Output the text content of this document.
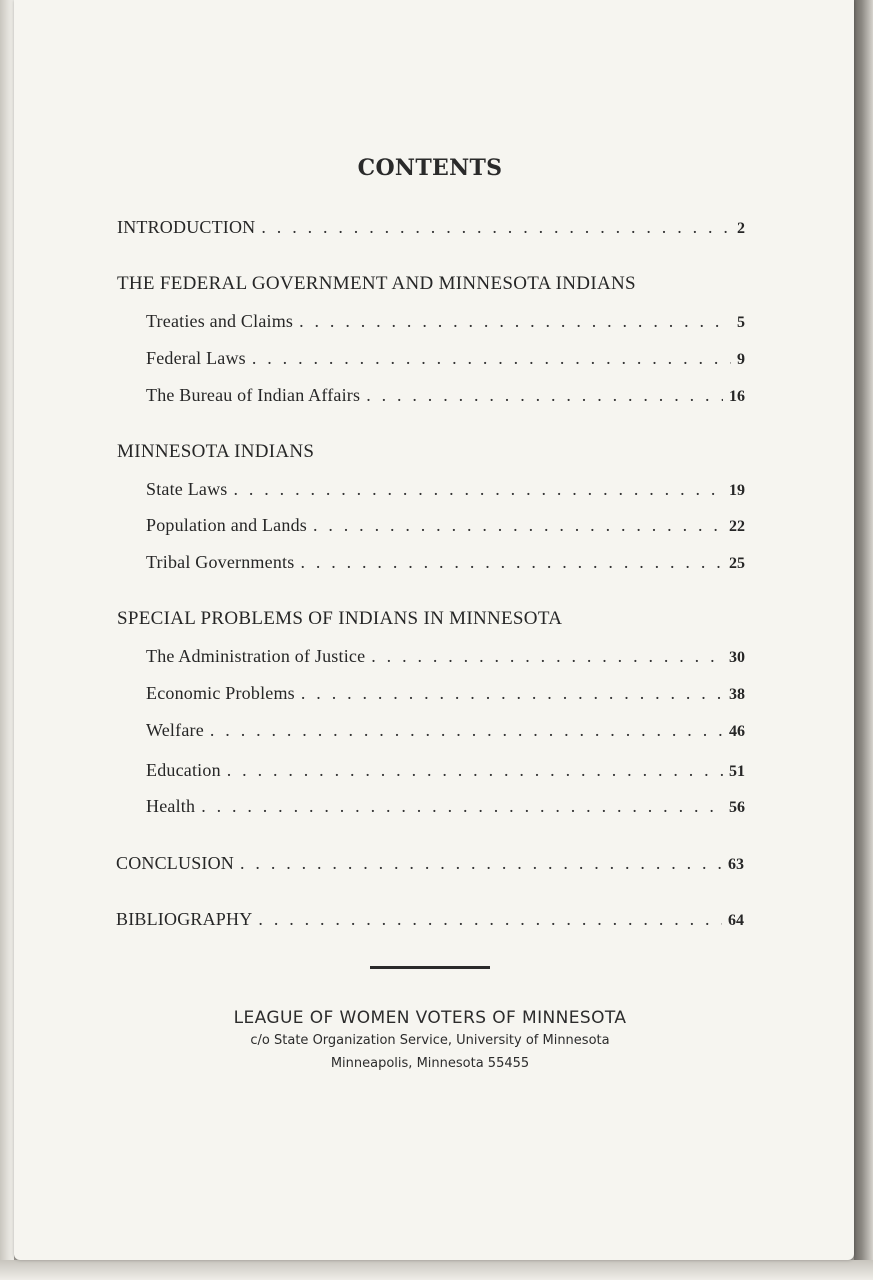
CONTENTS
INTRODUCTION . . .	2
THE FEDERAL GOVERNMENT AND MINNESOTA INDIANS
Treaties and Claims . . .	5
Federal Laws . . .	9
The Bureau of Indian Affairs . . .	16
MINNESOTA INDIANS
State Laws . . .	19
Population and Lands . . .	22
Tribal Governments . . .	25
SPECIAL PROBLEMS OF INDIANS IN MINNESOTA
The Administration of Justice . . .	30
Economic Problems . . .	38
Welfare . . .	46
Education . . .	51
Health . . .	56
CONCLUSION . . .	63
BIBLIOGRAPHY . . .	64
LEAGUE OF WOMEN VOTERS OF MINNESOTA
c/o State Organization Service, University of Minnesota
Minneapolis, Minnesota 55455
